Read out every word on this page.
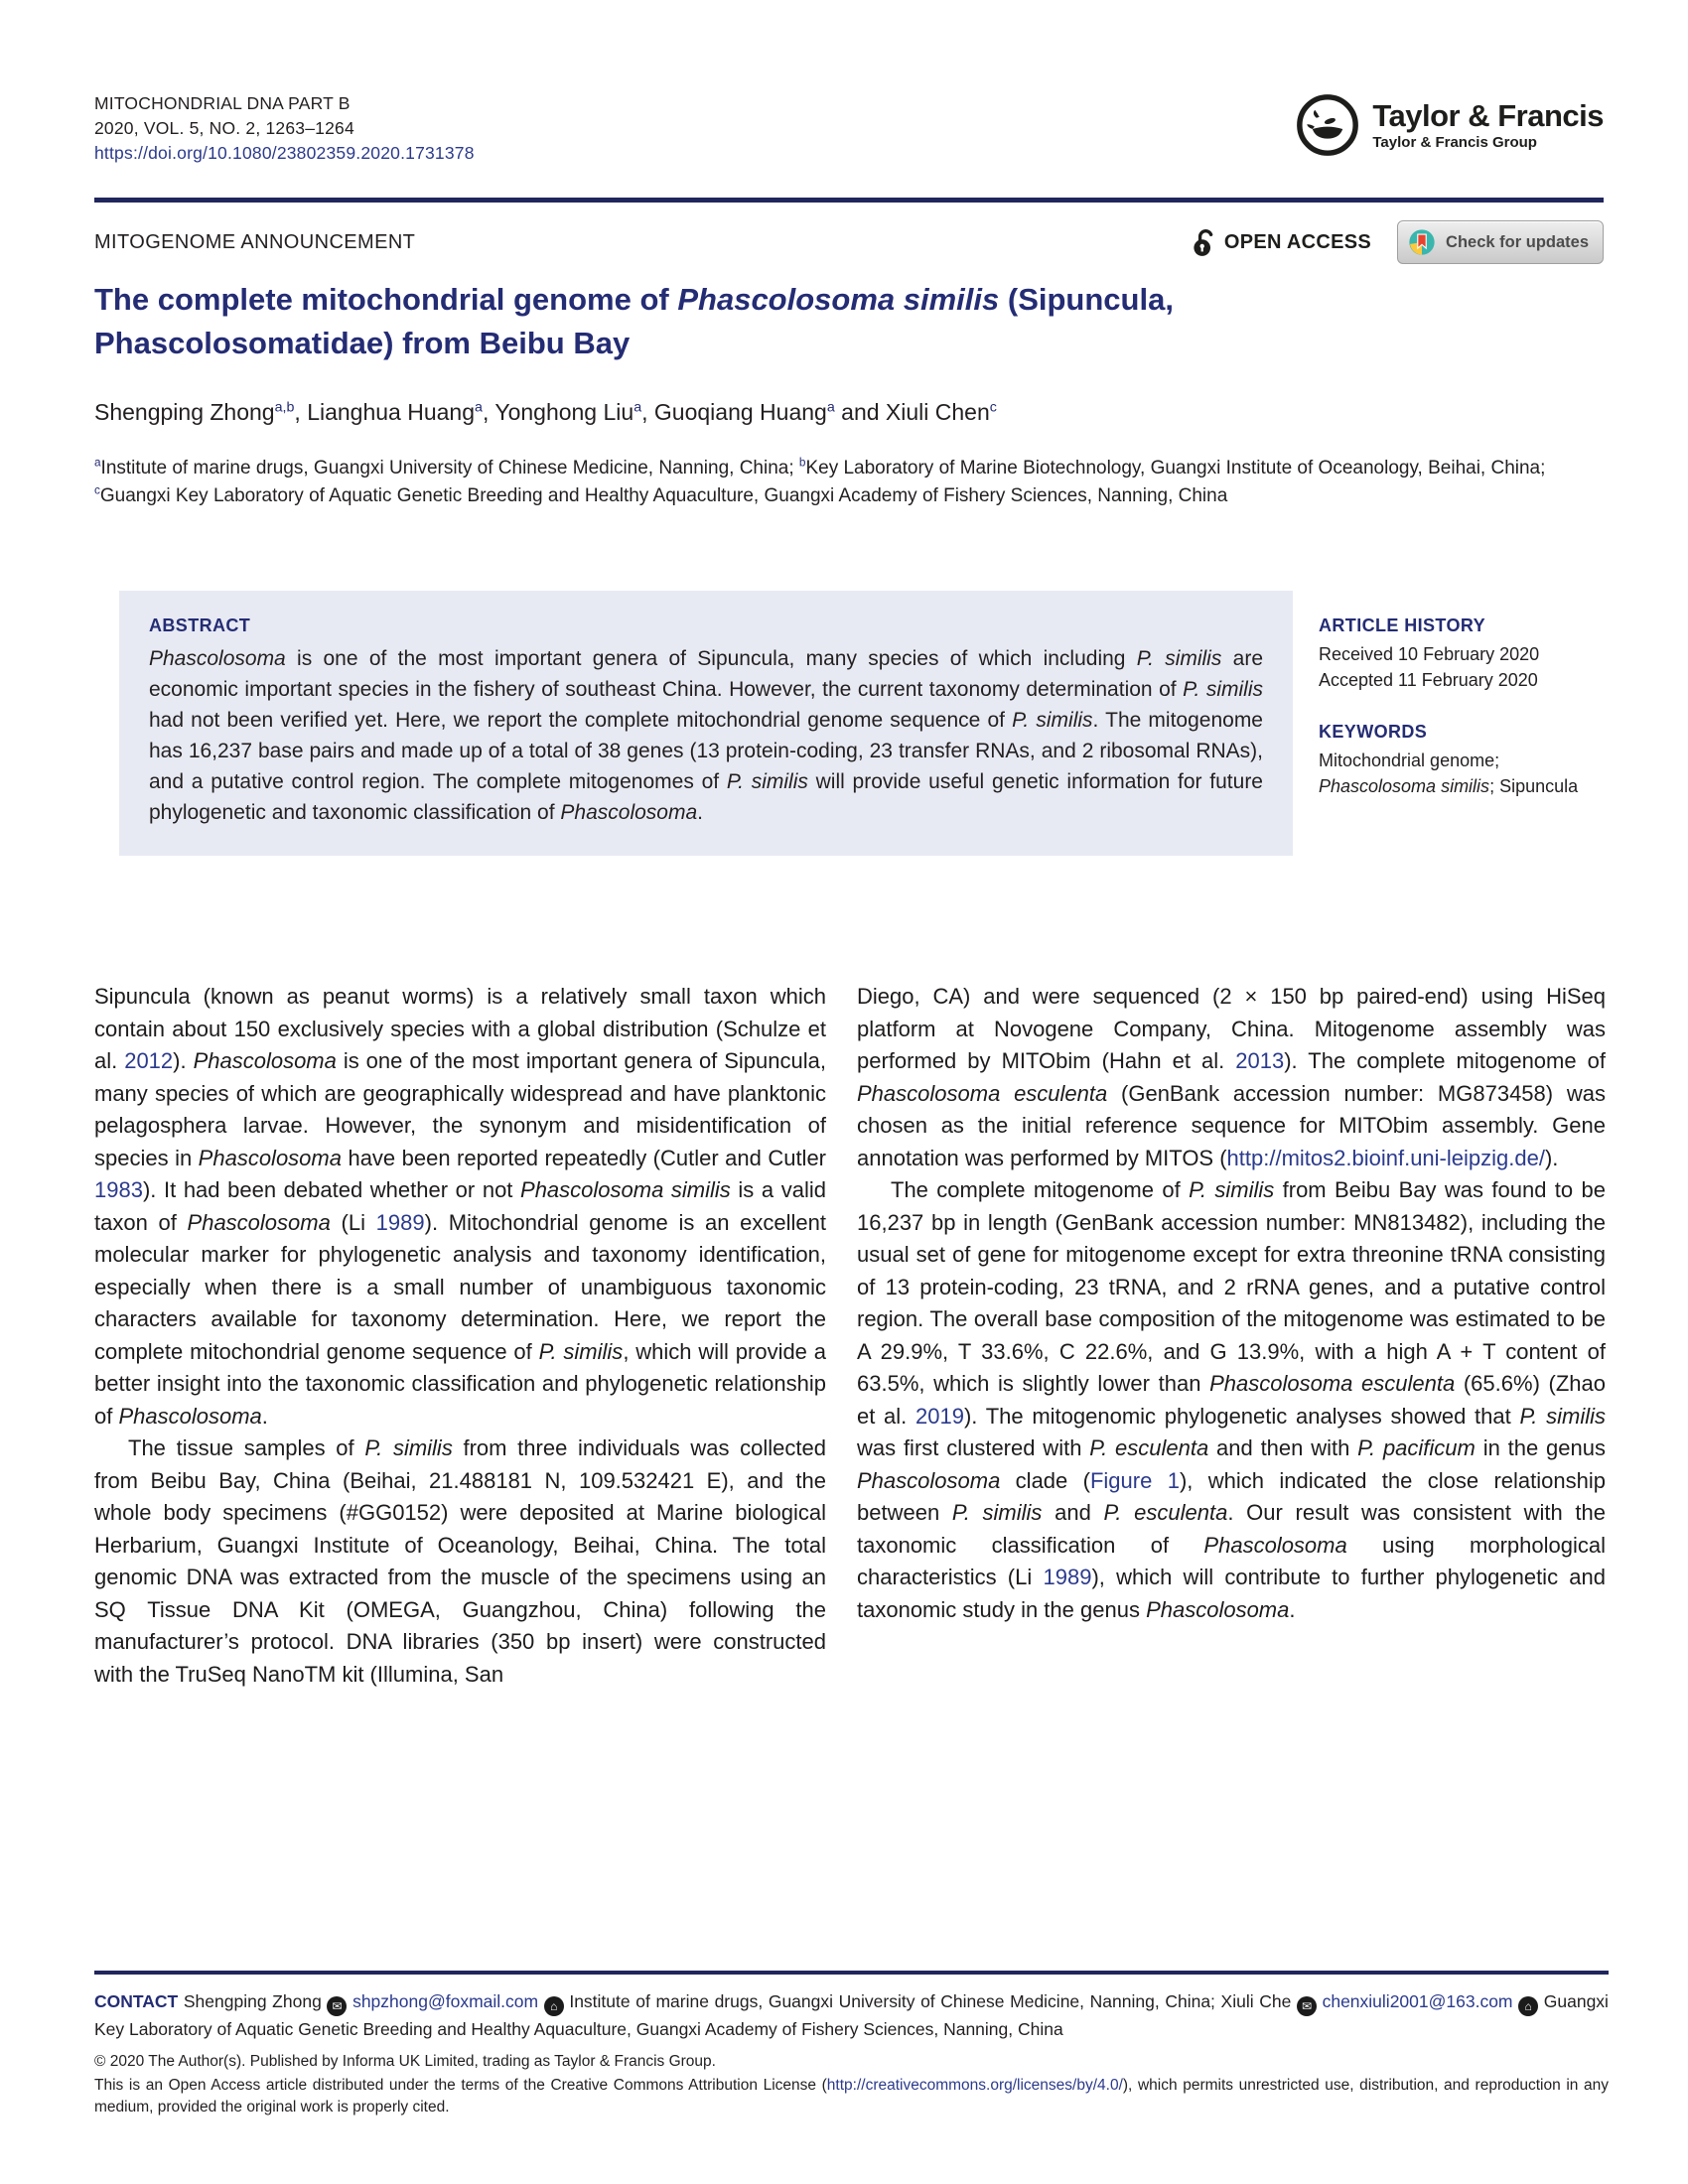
MITOCHONDRIAL DNA PART B
2020, VOL. 5, NO. 2, 1263–1264
https://doi.org/10.1080/23802359.2020.1731378
Taylor & Francis
Taylor & Francis Group
MITOGENOME ANNOUNCEMENT	OPEN ACCESS	Check for updates
The complete mitochondrial genome of Phascolosoma similis (Sipuncula, Phascolosomatidae) from Beibu Bay
Shengping Zhong$^{a,b}$, Lianghua Huang$^a$, Yonghong Liu$^a$, Guoqiang Huang$^a$ and Xiuli Chen$^c$
$^a$Institute of marine drugs, Guangxi University of Chinese Medicine, Nanning, China; $^b$Key Laboratory of Marine Biotechnology, Guangxi Institute of Oceanology, Beihai, China; $^c$Guangxi Key Laboratory of Aquatic Genetic Breeding and Healthy Aquaculture, Guangxi Academy of Fishery Sciences, Nanning, China
ABSTRACT

Phascolosoma is one of the most important genera of Sipuncula, many species of which including P. similis are economic important species in the fishery of southeast China. However, the current taxonomy determination of P. similis had not been verified yet. Here, we report the complete mitochondrial genome sequence of P. similis. The mitogenome has 16,237 base pairs and made up of a total of 38 genes (13 protein-coding, 23 transfer RNAs, and 2 ribosomal RNAs), and a putative control region. The complete mitogenomes of P. similis will provide useful genetic information for future phylogenetic and taxonomic classification of Phascolosoma.

ARTICLE HISTORY
Received 10 February 2020
Accepted 11 February 2020
KEYWORDS
Mitochondrial genome; Phascolosoma similis; Sipuncula

Sipuncula (known as peanut worms) is a relatively small taxon which contain about 150 exclusively species with a global distribution (Schulze et al. 2012). Phascolosoma is one of the most important genera of Sipuncula, many species of which are geographically widespread and have planktonic pelagosphera larvae. However, the synonym and misidentification of species in Phascolosoma have been reported repeatedly (Cutler and Cutler 1983). It had been debated whether or not Phascolosoma similis is a valid taxon of Phascolosoma (Li 1989). Mitochondrial genome is an excellent molecular marker for phylogenetic analysis and taxonomy identification, especially when there is a small number of unambiguous taxonomic characters available for taxonomy determination. Here, we report the complete mitochondrial genome sequence of P. similis, which will provide a better insight into the taxonomic classification and phylogenetic relationship of Phascolosoma.

The tissue samples of P. similis from three individuals was collected from Beibu Bay, China (Beihai, 21.488181 N, 109.532421 E), and the whole body specimens (#GG0152) were deposited at Marine biological Herbarium, Guangxi Institute of Oceanology, Beihai, China. The total genomic DNA was extracted from the muscle of the specimens using an SQ Tissue DNA Kit (OMEGA, Guangzhou, China) following the manufacturer’s protocol. DNA libraries (350 bp insert) were constructed with the TruSeq NanoTM kit (Illumina, San

Diego, CA) and were sequenced (2 × 150 bp paired-end) using HiSeq platform at Novogene Company, China. Mitogenome assembly was performed by MITObim (Hahn et al. 2013). The complete mitogenome of Phascolosoma esculenta (GenBank accession number: MG873458) was chosen as the initial reference sequence for MITObim assembly. Gene annotation was performed by MITOS (http://mitos2.bioinf.uni-leipzig.de/).

The complete mitogenome of P. similis from Beibu Bay was found to be 16,237 bp in length (GenBank accession number: MN813482), including the usual set of gene for mitogenome except for extra threonine tRNA consisting of 13 protein-coding, 23 tRNA, and 2 rRNA genes, and a putative control region. The overall base composition of the mitogenome was estimated to be A 29.9%, T 33.6%, C 22.6%, and G 13.9%, with a high A + T content of 63.5%, which is slightly lower than Phascolosoma esculenta (65.6%) (Zhao et al. 2019). The mitogenomic phylogenetic analyses showed that P. similis was first clustered with P. esculenta and then with P. pacificum in the genus Phascolosoma clade (Figure 1), which indicated the close relationship between P. similis and P. esculenta. Our result was consistent with the taxonomic classification of Phascolosoma using morphological characteristics (Li 1989), which will contribute to further phylogenetic and taxonomic study in the genus Phascolosoma.

CONTACT Shengping Zhong ✉ shpzhong@foxmail.com ⌂ Institute of marine drugs, Guangxi University of Chinese Medicine, Nanning, China; Xiuli Che ✉ chenxiuli2001@163.com ⌂ Guangxi Key Laboratory of Aquatic Genetic Breeding and Healthy Aquaculture, Guangxi Academy of Fishery Sciences, Nanning, China

© 2020 The Author(s). Published by Informa UK Limited, trading as Taylor & Francis Group.

This is an Open Access article distributed under the terms of the Creative Commons Attribution License (http://creativecommons.org/licenses/by/4.0/), which permits unrestricted use, distribution, and reproduction in any medium, provided the original work is properly cited.
